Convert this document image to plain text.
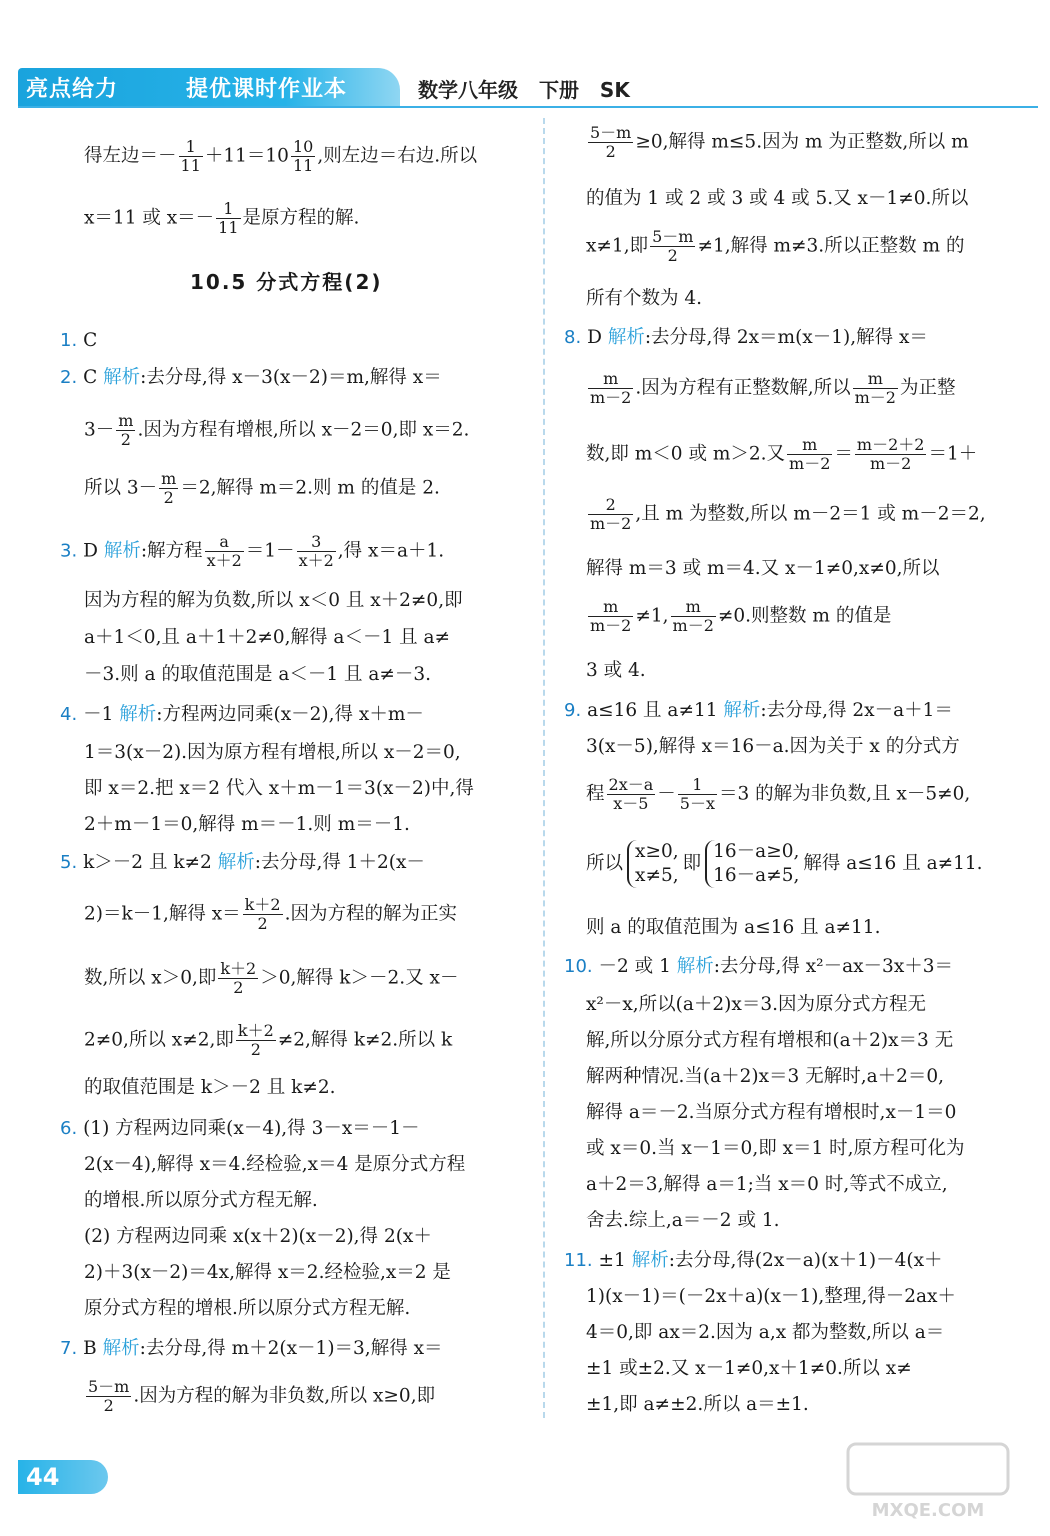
亮点给力	提优课时作业本	数学八年级 下册 SK
得左边＝－ $\frac{1}{11} +11=10 \frac{10}{11}$ ,则左边＝右边.所以
x＝11 或 $x=- \frac{1}{11}$ 是原方程的解.
10.5 分式方程(2)
1. C
2. C 解析:去分母,得 x－3(x－2)＝m,解得 x＝
$3- \frac{m}{2}$ .因为方程有增根,所以 x－2＝0,即 x＝2.
所以 $3- \frac{m}{2} =2$,解得 m＝2.则 m 的值是 2.
3. D 解析:解方程 $\frac{a}{x+2} =1- \frac{3}{x+2}$ ,得 x＝a＋1.
因为方程的解为负数,所以 x＜0 且 x＋2≠0,即
a＋1＜0,且 a＋1＋2≠0,解得 a＜－1 且 a≠
－3.则 a 的取值范围是 a＜－1 且 a≠－3.
4. －1 解析:方程两边同乘(x－2),得 x＋m－
1＝3(x－2).因为原方程有增根,所以 x－2＝0,
即 x＝2.把 x＝2 代入 x＋m－1＝3(x－2)中,得
2＋m－1＝0,解得 m＝－1.则 m＝－1.
5. k＞－2 且 k≠2 解析:去分母,得 1＋2(x－
2)＝k－1,解得 $x= \frac{k+2}{2}$ .因为方程的解为正实
数,所以 x＞0,即 $\frac{k+2}{2} >0$,解得 k＞－2.又 x－
2≠0,所以 x≠2,即 $\frac{k+2}{2} \ne 2$,解得 k≠2.所以 k
的取值范围是 k＞－2 且 k≠2.
6. (1) 方程两边同乘(x－4),得 3－x＝－1－
2(x－4),解得 x＝4.经检验,x＝4 是原分式方程
的增根.所以原分式方程无解.
(2) 方程两边同乘 x(x＋2)(x－2),得 2(x＋
2)＋3(x－2)＝4x,解得 x＝2.经检验,x＝2 是
原分式方程的增根.所以原分式方程无解.
7. B 解析:去分母,得 m＋2(x－1)＝3,解得 x＝
$\frac{5-m}{2}$ .因为方程的解为非负数,所以 x≥0,即
$\frac{5-m}{2} \ge 0$,解得 m≤5.因为 m 为正整数,所以 m
的值为 1 或 2 或 3 或 4 或 5.又 x－1≠0.所以
x≠1,即 $\frac{5-m}{2} \ne 1$,解得 m≠3.所以正整数 m 的
所有个数为 4.
8. D 解析:去分母,得 2x＝m(x－1),解得 x＝
$\frac{m}{m-2}$ .因为方程有正整数解,所以 $\frac{m}{m-2}$ 为正整
数,即 m＜0 或 m＞2.又 $\frac{m}{m-2} = \frac{m-2+2}{m-2} =1+$
$\frac{2}{m-2}$ ,且 m 为整数,所以 m－2＝1 或 m－2＝2,
解得 m＝3 或 m＝4.又 x－1≠0,x≠0,所以
$\frac{m}{m-2} \ne 1$, $\frac{m}{m-2} \ne 0$.则整数 m 的值是
3 或 4.
9. a≤16 且 a≠11 解析:去分母,得 2x－a＋1＝
3(x－5),解得 x＝16－a.因为关于 x 的分式方
程 $\frac{2x-a}{x-5} - \frac{1}{5-x} =3$ 的解为非负数,且 x－5≠0,
所以
x≥0,
x≠5,
即
16－a≥0,
16－a≠5,
解得 a≤16 且 a≠11.
则 a 的取值范围为 a≤16 且 a≠11.
10. －2 或 1 解析:去分母,得 x²－ax－3x＋3＝
x²－x,所以(a＋2)x＝3.因为原分式方程无
解,所以分原分式方程有增根和(a＋2)x＝3 无
解两种情况.当(a＋2)x＝3 无解时,a＋2＝0,
解得 a＝－2.当原分式方程有增根时,x－1＝0
或 x＝0.当 x－1＝0,即 x＝1 时,原方程可化为
a＋2＝3,解得 a＝1;当 x＝0 时,等式不成立,
舍去.综上,a＝－2 或 1.
11. ±1 解析:去分母,得(2x－a)(x＋1)－4(x＋
1)(x－1)＝(－2x＋a)(x－1),整理,得－2ax＋
4＝0,即 ax＝2.因为 a,x 都为整数,所以 a＝
±1 或±2.又 x－1≠0,x＋1≠0.所以 x≠
±1,即 a≠±2.所以 a＝±1.
44
MXQE.COM
